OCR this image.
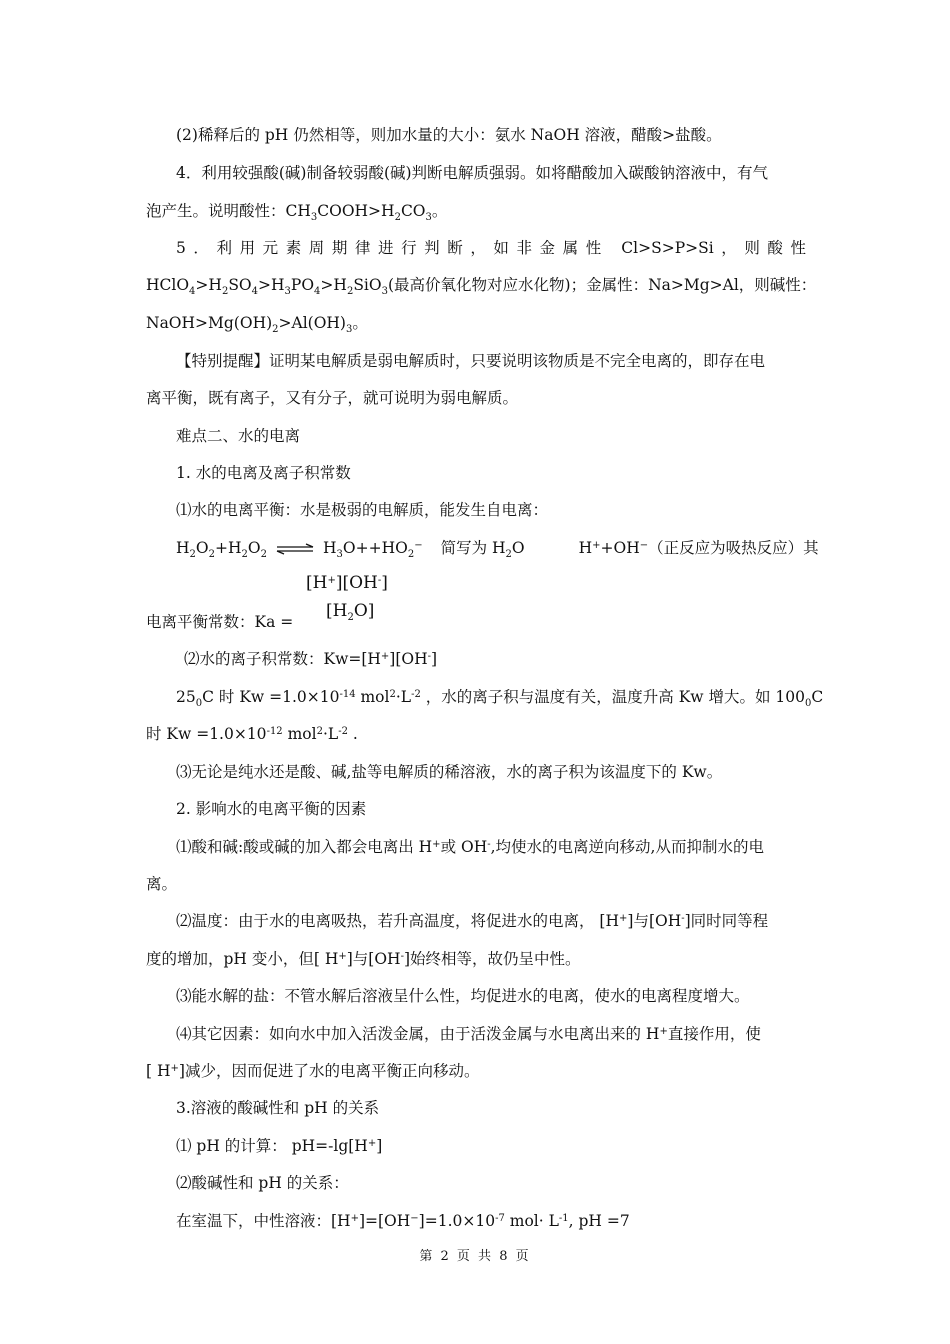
(2)稀释后的 pH 仍然相等，则加水量的大小：氨水 NaOH 溶液，醋酸>盐酸。
4．利用较强酸(碱)制备较弱酸(碱)判断电解质强弱。如将醋酸加入碳酸钠溶液中，有气
泡产生。说明酸性：$CH_3COOH>H_2CO_3$。
5．利用元素周期律进行判断，如非金属性 Cl>S>P>Si，则酸性
$HClO_4>H_2SO_4>H_3PO_4>H_2SiO_3$(最高价氧化物对应水化物)；金属性：Na>Mg>Al，则碱性：
$NaOH>Mg(OH)_2>Al(OH)_3$。
【特别提醒】证明某电解质是弱电解质时，只要说明该物质是不完全电离的，即存在电
离平衡，既有离子，又有分子，就可说明为弱电解质。
难点二、水的电离
1. 水的电离及离子积常数
⑴水的电离平衡：水是极弱的电解质，能发生自电离：
$H_2O_2+H_2O_2$ ⇌ $H_3O++HO_2^-$ 简写为 $H_2O$	H++OH−（正反应为吸热反应）其
[H+][OH-]
$[H_2O]$
电离平衡常数：Ka =
⑵水的离子积常数：Kw=[H+][OH-]
$25_0C$ 时 $Kw =1.0\times 10^{-14}$ $mol^2\cdot L^{-2}$ ，水的离子积与温度有关，温度升高 Kw 增大。如 $100_0C$
时 $Kw =1.0\times 10^{-12}$ $mol^2\cdot L^{-2}$ .
⑶无论是纯水还是酸、碱,盐等电解质的稀溶液，水的离子积为该温度下的 Kw。
2. 影响水的电离平衡的因素
⑴酸和碱:酸或碱的加入都会电离出 H+或 OH-,均使水的电离逆向移动,从而抑制水的电
离。
⑵温度：由于水的电离吸热，若升高温度，将促进水的电离， [H+]与[OH-]同时同等程
度的增加，pH 变小，但[ H+]与[OH-]始终相等，故仍呈中性。
⑶能水解的盐：不管水解后溶液呈什么性，均促进水的电离，使水的电离程度增大。
⑷其它因素：如向水中加入活泼金属，由于活泼金属与水电离出来的 H+直接作用，使
[ H+]减少，因而促进了水的电离平衡正向移动。
3.溶液的酸碱性和 pH 的关系
⑴ pH 的计算： pH=-lg[H+]
⑵酸碱性和 pH 的关系：
在室温下，中性溶液：$[H^+]=[OH^-]=1.0\times 10^{-7}$ $mol\cdot L^{-1}$, pH =7
第 2 页 共 8 页
